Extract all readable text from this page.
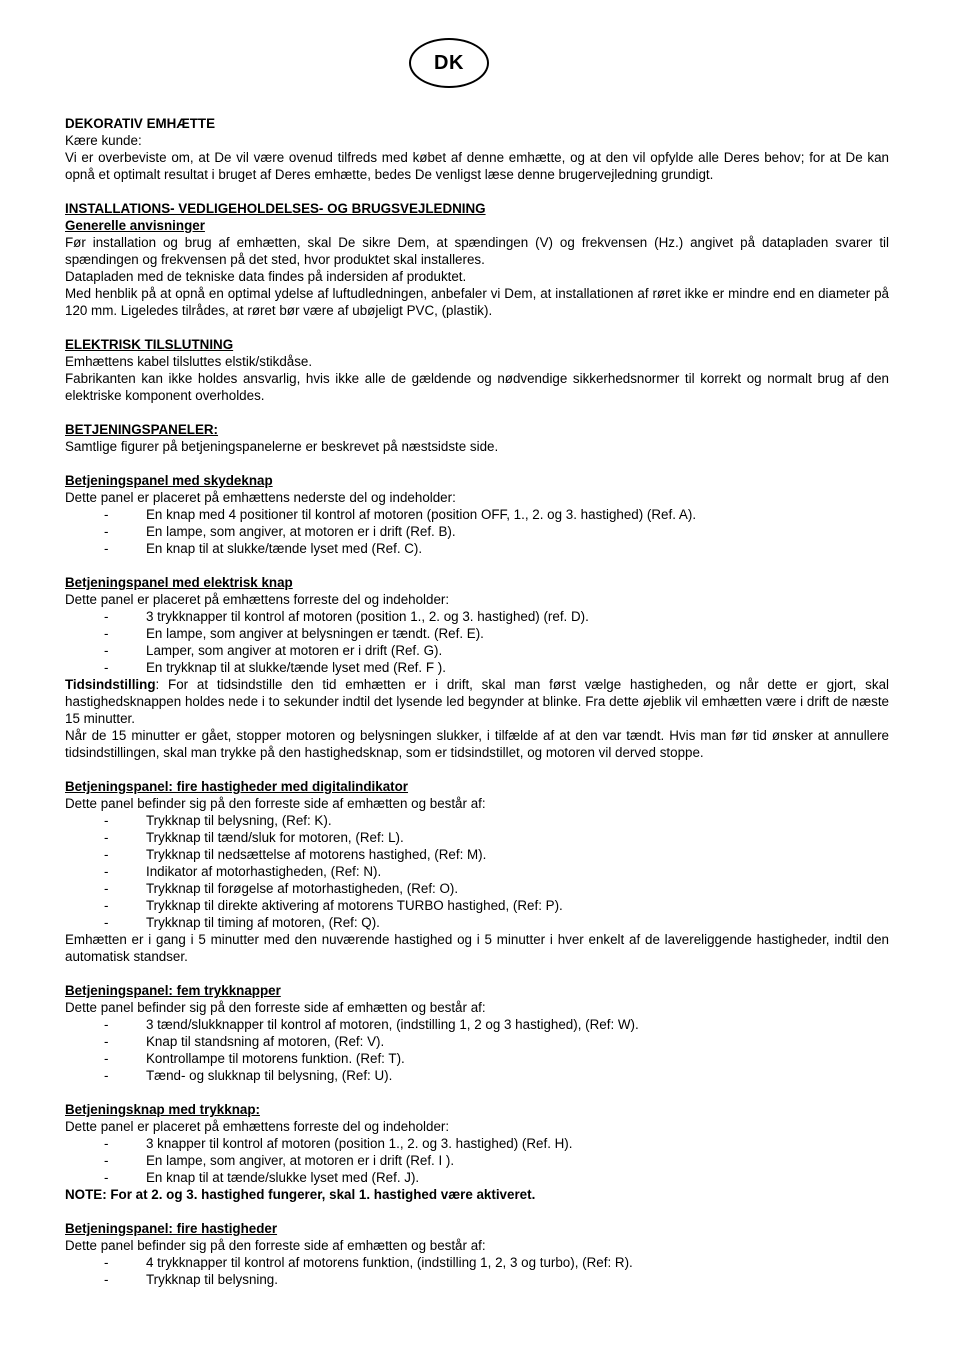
DK
DEKORATIV EMHÆTTE

Kære kunde:

Vi er overbeviste om, at De vil være ovenud tilfreds med købet af denne emhætte, og at den vil opfylde alle Deres behov; for at De kan opnå et optimalt resultat i bruget af Deres emhætte, bedes De venligst læse denne brugervejledning grundigt.

INSTALLATIONS- VEDLIGEHOLDELSES- OG BRUGSVEJLEDNING
Generelle anvisninger

Før installation og brug af emhætten, skal De sikre Dem, at spændingen (V) og frekvensen (Hz.) angivet på datapladen svarer til spændingen og frekvensen på det sted, hvor produktet skal installeres.

Datapladen med de tekniske data findes på indersiden af produktet.

Med henblik på at opnå en optimal ydelse af luftudledningen, anbefaler vi Dem, at installationen af røret ikke er mindre end en diameter på 120 mm. Ligeledes tilrådes, at røret bør være af ubøjeligt PVC, (plastik).

ELEKTRISK TILSLUTNING

Emhættens kabel tilsluttes elstik/stikdåse.

Fabrikanten kan ikke holdes ansvarlig, hvis ikke alle de gældende og nødvendige sikkerhedsnormer til korrekt og normalt brug af den elektriske komponent overholdes.

BETJENINGSPANELER:

Samtlige figurer på betjeningspanelerne er beskrevet på næstsidste side.

Betjeningspanel med skydeknap

Dette panel er placeret på emhættens nederste del og indeholder:

-	En knap med 4 positioner til kontrol af motoren (position OFF, 1., 2. og 3. hastighed) (Ref. A).
-	En lampe, som angiver, at motoren er i drift (Ref. B).
-	En knap til at slukke/tænde lyset med (Ref. C).
Betjeningspanel med elektrisk knap

Dette panel er placeret på emhættens forreste del og indeholder:

-	3 trykknapper til kontrol af motoren (position 1., 2. og 3. hastighed) (ref. D).
-	En lampe, som angiver at belysningen er tændt. (Ref. E).
-	Lamper, som angiver at motoren er i drift (Ref. G).
-	En trykknap til at slukke/tænde lyset med (Ref. F ).

Tidsindstilling: For at tidsindstille den tid emhætten er i drift, skal man først vælge hastigheden, og når dette er gjort, skal hastighedsknappen holdes nede i to sekunder indtil det lysende led begynder at blinke. Fra dette øjeblik vil emhætten være i drift de næste 15 minutter.

Når de 15 minutter er gået, stopper motoren og belysningen slukker, i tilfælde af at den var tændt. Hvis man før tid ønsker at annullere tidsindstillingen, skal man trykke på den hastighedsknap, som er tidsindstillet, og motoren vil derved stoppe.

Betjeningspanel: fire hastigheder med digitalindikator

Dette panel befinder sig på den forreste side af emhætten og består af:

-	Trykknap til belysning, (Ref: K).
-	Trykknap til tænd/sluk for motoren, (Ref: L).
-	Trykknap til nedsættelse af motorens hastighed, (Ref: M).
-	Indikator af motorhastigheden, (Ref: N).
-	Trykknap til forøgelse af motorhastigheden, (Ref: O).
-	Trykknap til direkte aktivering af motorens TURBO hastighed, (Ref: P).
-	Trykknap til timing af motoren, (Ref: Q).

Emhætten er i gang i 5 minutter med den nuværende hastighed og i 5 minutter i hver enkelt af de lavereliggende hastigheder, indtil den automatisk standser.

Betjeningspanel: fem trykknapper

Dette panel befinder sig på den forreste side af emhætten og består af:

-	3 tænd/slukknapper til kontrol af motoren, (indstilling 1, 2 og 3 hastighed), (Ref: W).
-	Knap til standsning af motoren, (Ref: V).
-	Kontrollampe til motorens funktion. (Ref: T).
-	Tænd- og slukknap til belysning, (Ref: U).
Betjeningsknap med trykknap:

Dette panel er placeret på emhættens forreste del og indeholder:

-	3 knapper til kontrol af motoren (position 1., 2. og 3. hastighed) (Ref. H).
-	En lampe, som angiver, at motoren er i drift (Ref. I ).
-	En knap til at tænde/slukke lyset med (Ref. J).

NOTE: For at 2. og 3. hastighed fungerer, skal 1. hastighed være aktiveret.

Betjeningspanel: fire hastigheder

Dette panel befinder sig på den forreste side af emhætten og består af:

-	4 trykknapper til kontrol af motorens funktion, (indstilling 1, 2, 3 og turbo), (Ref: R).
-	Trykknap til belysning.
